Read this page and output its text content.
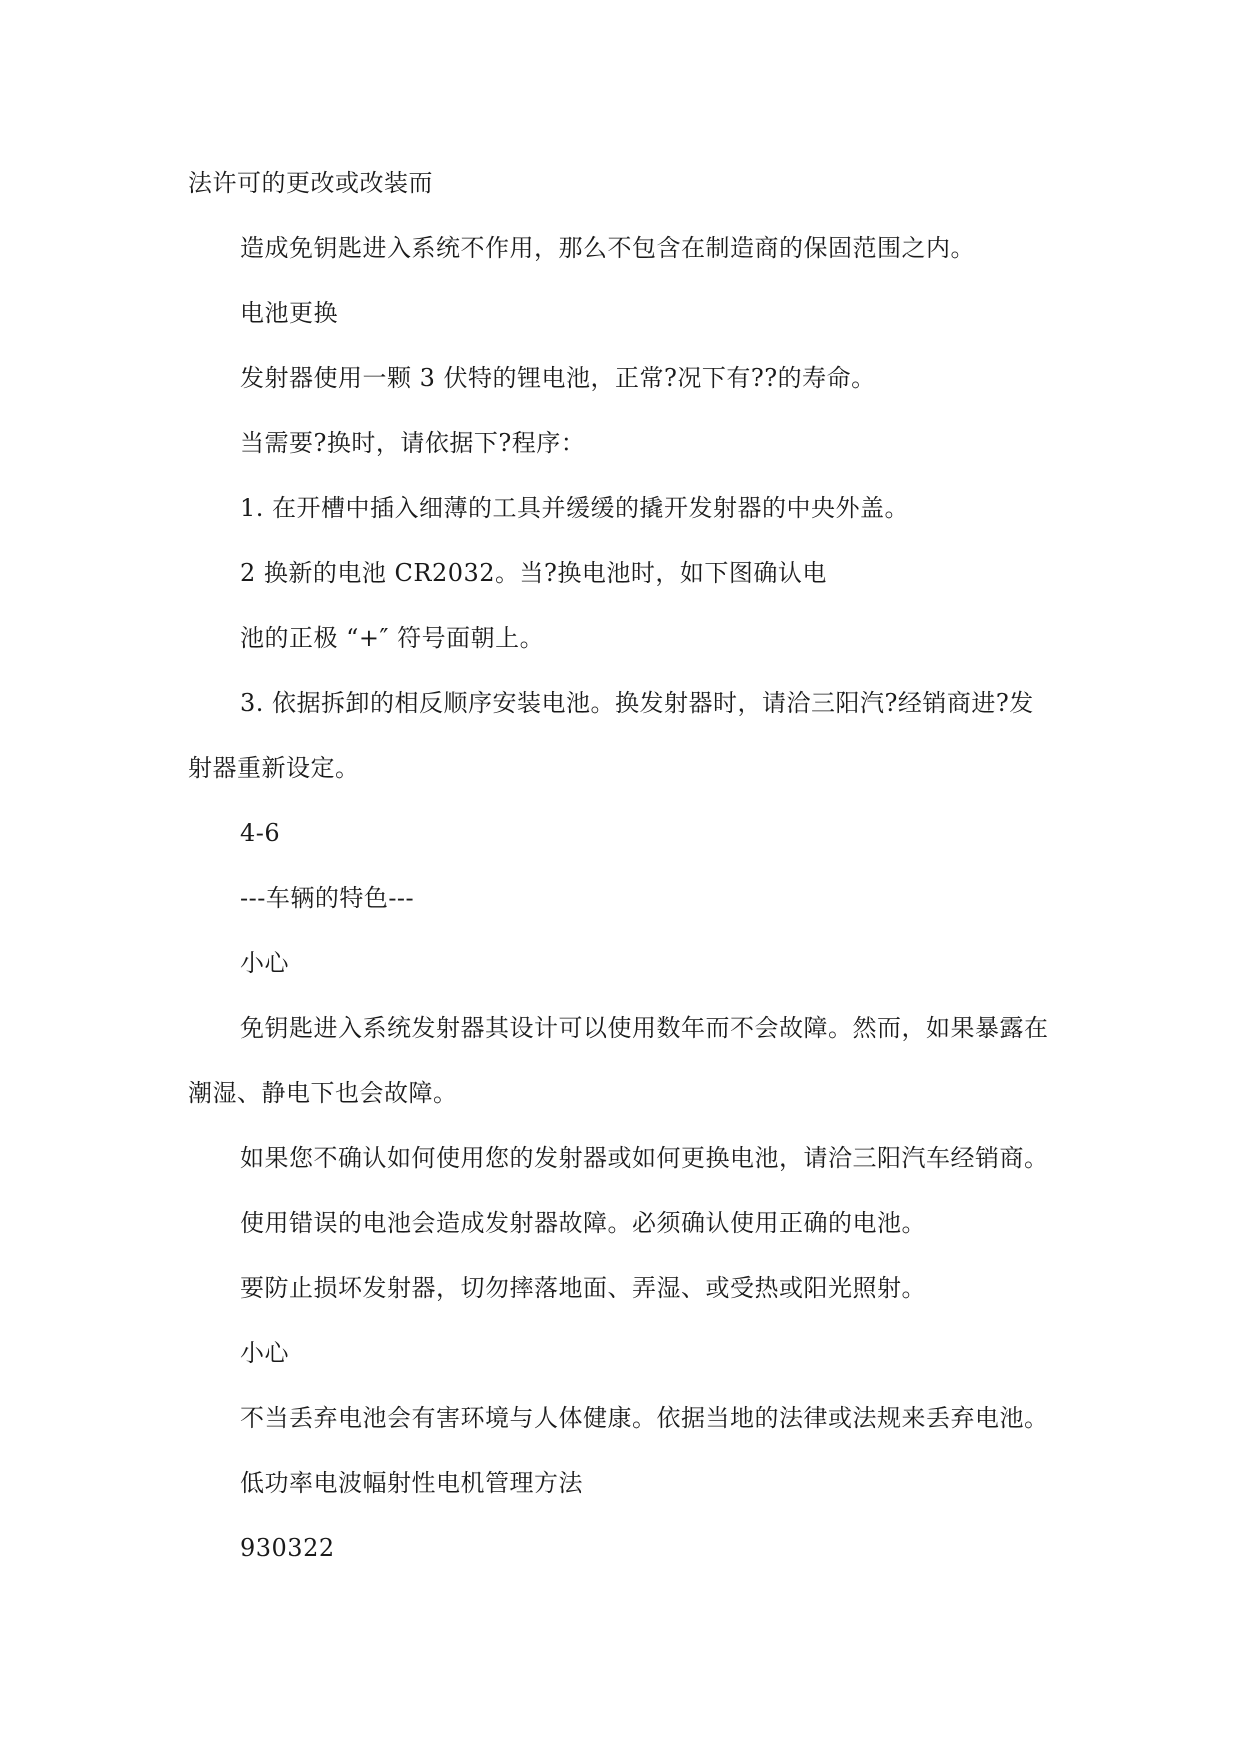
法许可的更改或改装而
造成免钥匙进入系统不作用，那么不包含在制造商的保固范围之内。
电池更换
发射器使用一颗 3 伏特的锂电池，正常?况下有??的寿命。
当需要?换时，请依据下?程序：
1. 在开槽中插入细薄的工具并缓缓的撬开发射器的中央外盖。
2 换新的电池 CR2032。当?换电池时，如下图确认电
池的正极 “+″ 符号面朝上。
3. 依据拆卸的相反顺序安装电池。换发射器时，请洽三阳汽?经销商进?发
射器重新设定。
4-6
---车辆的特色---
小心
免钥匙进入系统发射器其设计可以使用数年而不会故障。然而，如果暴露在
潮湿、静电下也会故障。
如果您不确认如何使用您的发射器或如何更换电池，请洽三阳汽车经销商。
使用错误的电池会造成发射器故障。必须确认使用正确的电池。
要防止损坏发射器，切勿摔落地面、弄湿、或受热或阳光照射。
小心
不当丢弃电池会有害环境与人体健康。依据当地的法律或法规来丢弃电池。
低功率电波幅射性电机管理方法
930322
